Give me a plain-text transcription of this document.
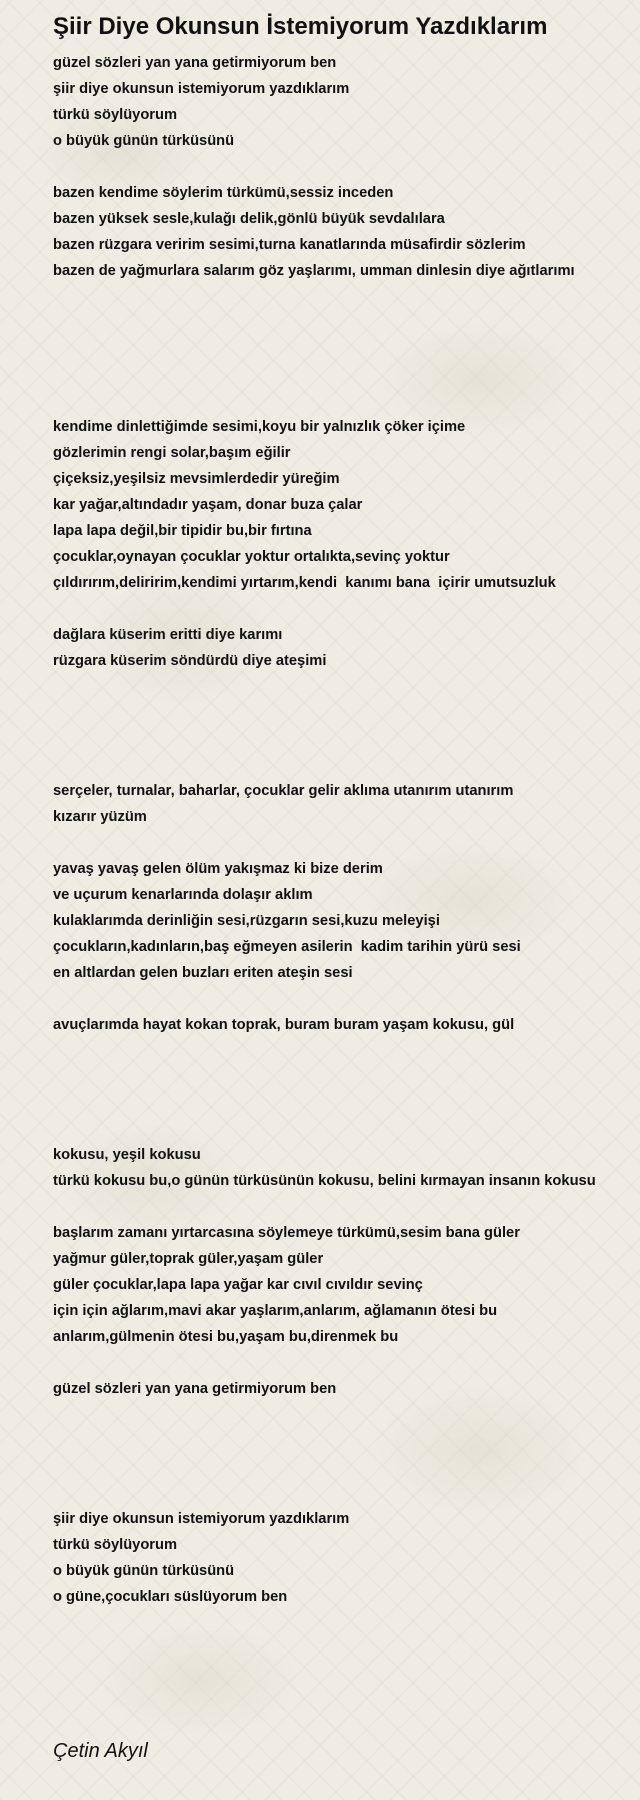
Şiir Diye Okunsun İstemiyorum Yazdıklarım
güzel sözleri yan yana getirmiyorum ben
şiir diye okunsun istemiyorum yazdıklarım
türkü söylüyorum
o büyük günün türküsünü
bazen kendime söylerim türkümü,sessiz inceden
bazen yüksek sesle,kulağı delik,gönlü büyük sevdalılara
bazen rüzgara veririm sesimi,turna kanatlarında müsafirdir sözlerim
bazen de yağmurlara salarım göz yaşlarımı, umman dinlesin diye ağıtlarımı
kendime dinlettiğimde sesimi,koyu bir yalnızlık çöker içime
gözlerimin rengi solar,başım eğilir
çiçeksiz,yeşilsiz mevsimlerdedir yüreğim
kar yağar,altındadır yaşam, donar buza çalar
lapa lapa değil,bir tipidir bu,bir fırtına
çocuklar,oynayan çocuklar yoktur ortalıkta,sevinç yoktur
çıldırırım,deliririm,kendimi yırtarım,kendi  kanımı bana  içirir umutsuzluk
dağlara küserim eritti diye karımı
rüzgara küserim söndürdü diye ateşimi
serçeler, turnalar, baharlar, çocuklar gelir aklıma utanırım utanırım
kızarır yüzüm
yavaş yavaş gelen ölüm yakışmaz ki bize derim
ve uçurum kenarlarında dolaşır aklım
kulaklarımda derinliğin sesi,rüzgarın sesi,kuzu meleyişi
çocukların,kadınların,baş eğmeyen asilerin  kadim tarihin yürü sesi
en altlardan gelen buzları eriten ateşin sesi
avuçlarımda hayat kokan toprak, buram buram yaşam kokusu, gül
kokusu, yeşil kokusu
türkü kokusu bu,o günün türküsünün kokusu, belini kırmayan insanın kokusu
başlarım zamanı yırtarcasına söylemeye türkümü,sesim bana güler
yağmur güler,toprak güler,yaşam güler
güler çocuklar,lapa lapa yağar kar cıvıl cıvıldır sevinç
için için ağlarım,mavi akar yaşlarım,anlarım, ağlamanın ötesi bu
anlarım,gülmenin ötesi bu,yaşam bu,direnmek bu
güzel sözleri yan yana getirmiyorum ben
şiir diye okunsun istemiyorum yazdıklarım
türkü söylüyorum
o büyük günün türküsünü
o güne,çocukları süslüyorum ben
Çetin Akyıl
